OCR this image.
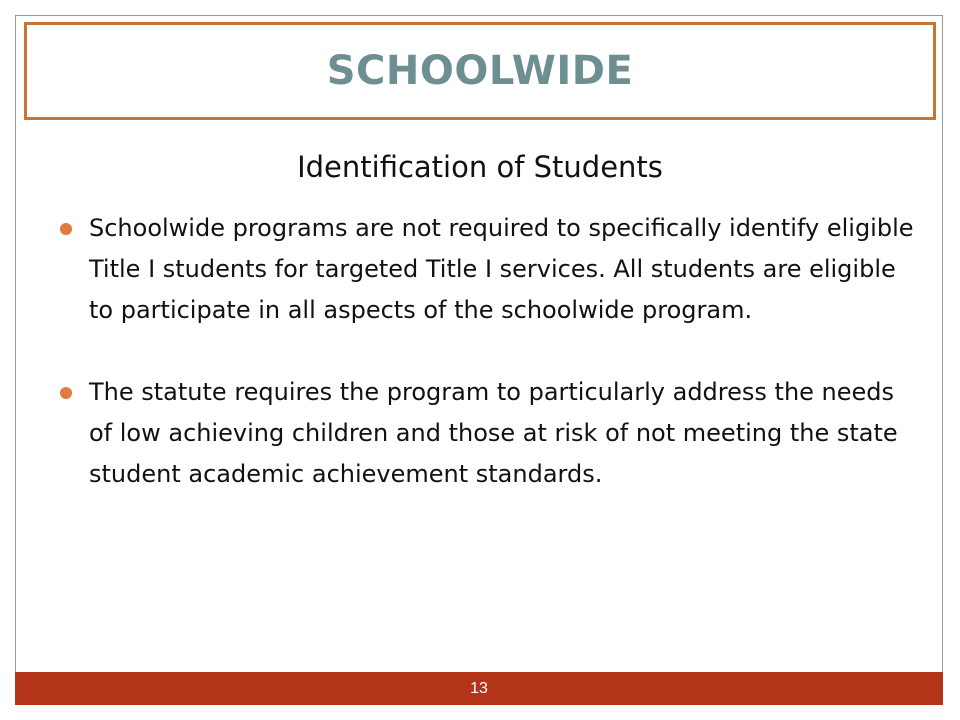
SCHOOLWIDE
Identification of Students
Schoolwide programs are not required to specifically identify eligible Title I students for targeted Title I services. All students are eligible to participate in all aspects of the schoolwide program.
The statute requires the program to particularly address the needs of low achieving children and those at risk of not meeting the state student academic achievement standards.
13
